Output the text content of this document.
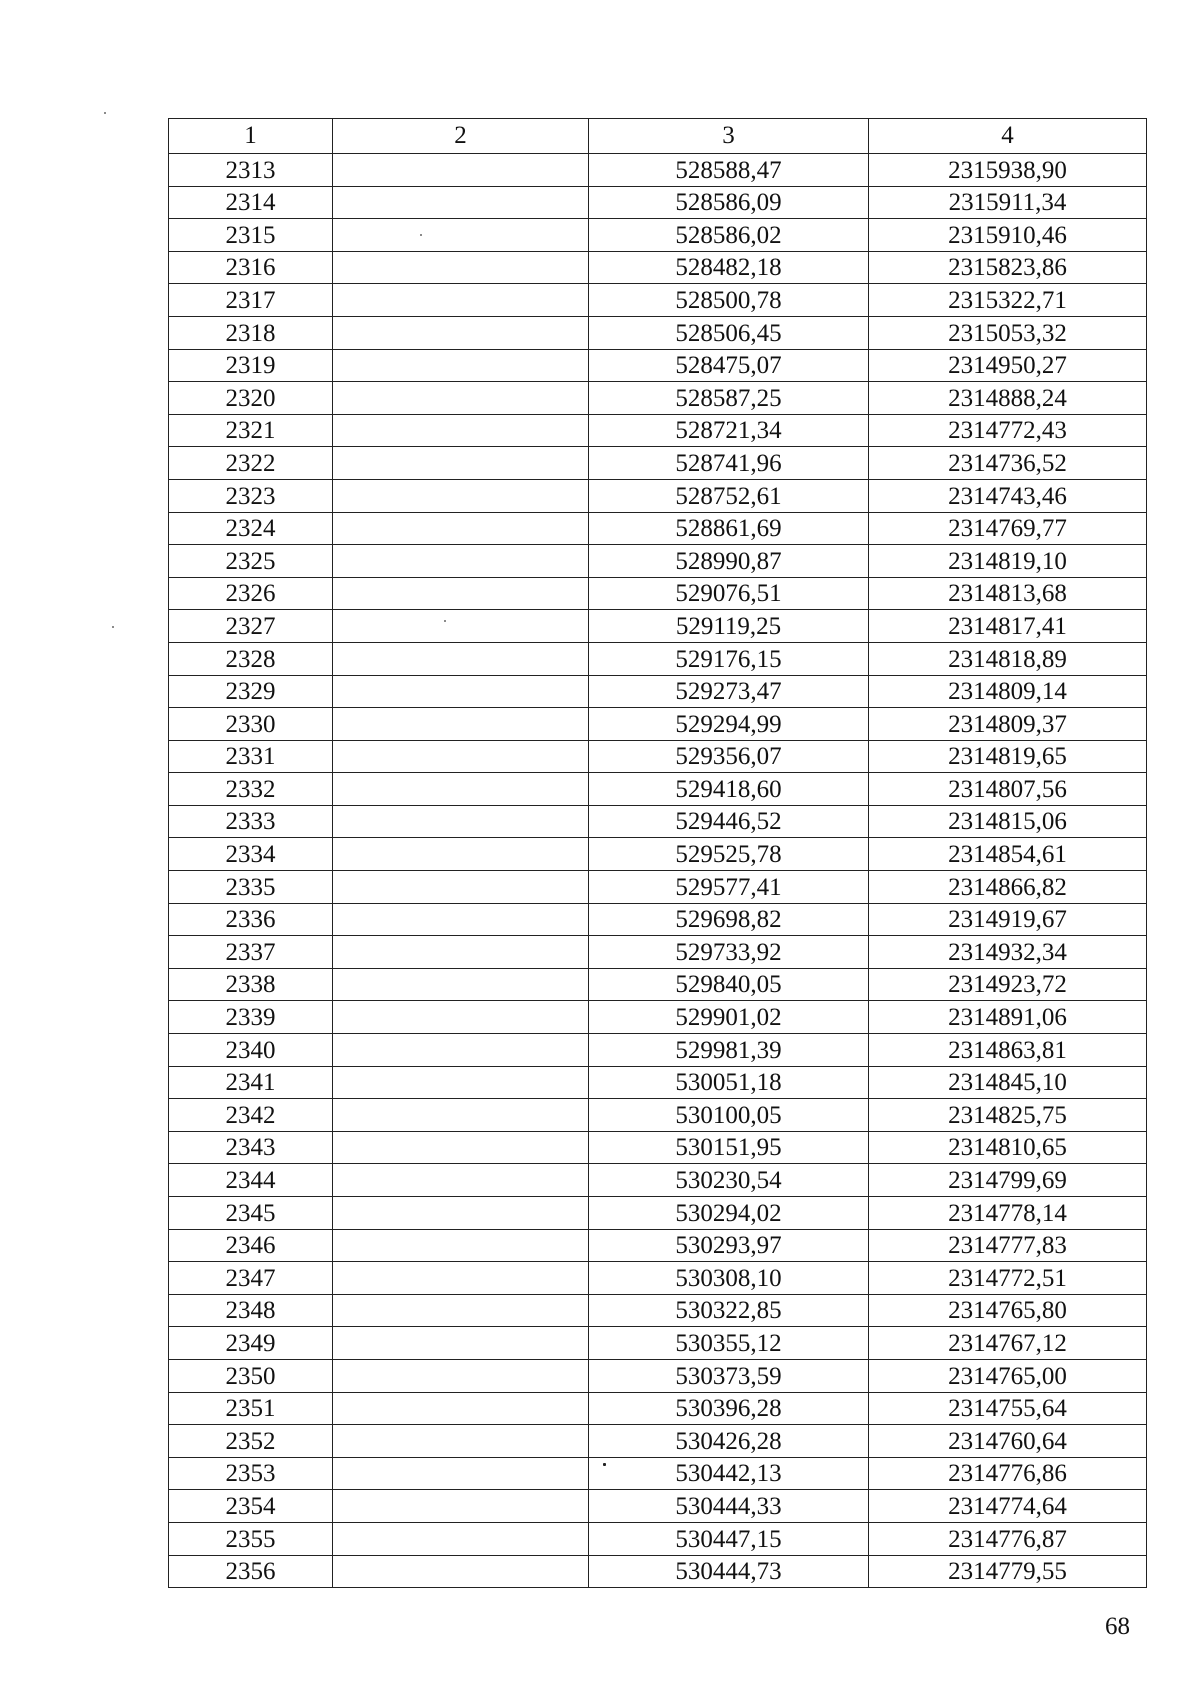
1	2	3	4
2313		528588,47	2315938,90
2314		528586,09	2315911,34
2315		528586,02	2315910,46
2316		528482,18	2315823,86
2317		528500,78	2315322,71
2318		528506,45	2315053,32
2319		528475,07	2314950,27
2320		528587,25	2314888,24
2321		528721,34	2314772,43
2322		528741,96	2314736,52
2323		528752,61	2314743,46
2324		528861,69	2314769,77
2325		528990,87	2314819,10
2326		529076,51	2314813,68
2327		529119,25	2314817,41
2328		529176,15	2314818,89
2329		529273,47	2314809,14
2330		529294,99	2314809,37
2331		529356,07	2314819,65
2332		529418,60	2314807,56
2333		529446,52	2314815,06
2334		529525,78	2314854,61
2335		529577,41	2314866,82
2336		529698,82	2314919,67
2337		529733,92	2314932,34
2338		529840,05	2314923,72
2339		529901,02	2314891,06
2340		529981,39	2314863,81
2341		530051,18	2314845,10
2342		530100,05	2314825,75
2343		530151,95	2314810,65
2344		530230,54	2314799,69
2345		530294,02	2314778,14
2346		530293,97	2314777,83
2347		530308,10	2314772,51
2348		530322,85	2314765,80
2349		530355,12	2314767,12
2350		530373,59	2314765,00
2351		530396,28	2314755,64
2352		530426,28	2314760,64
2353		530442,13	2314776,86
2354		530444,33	2314774,64
2355		530447,15	2314776,87
2356		530444,73	2314779,55
68
